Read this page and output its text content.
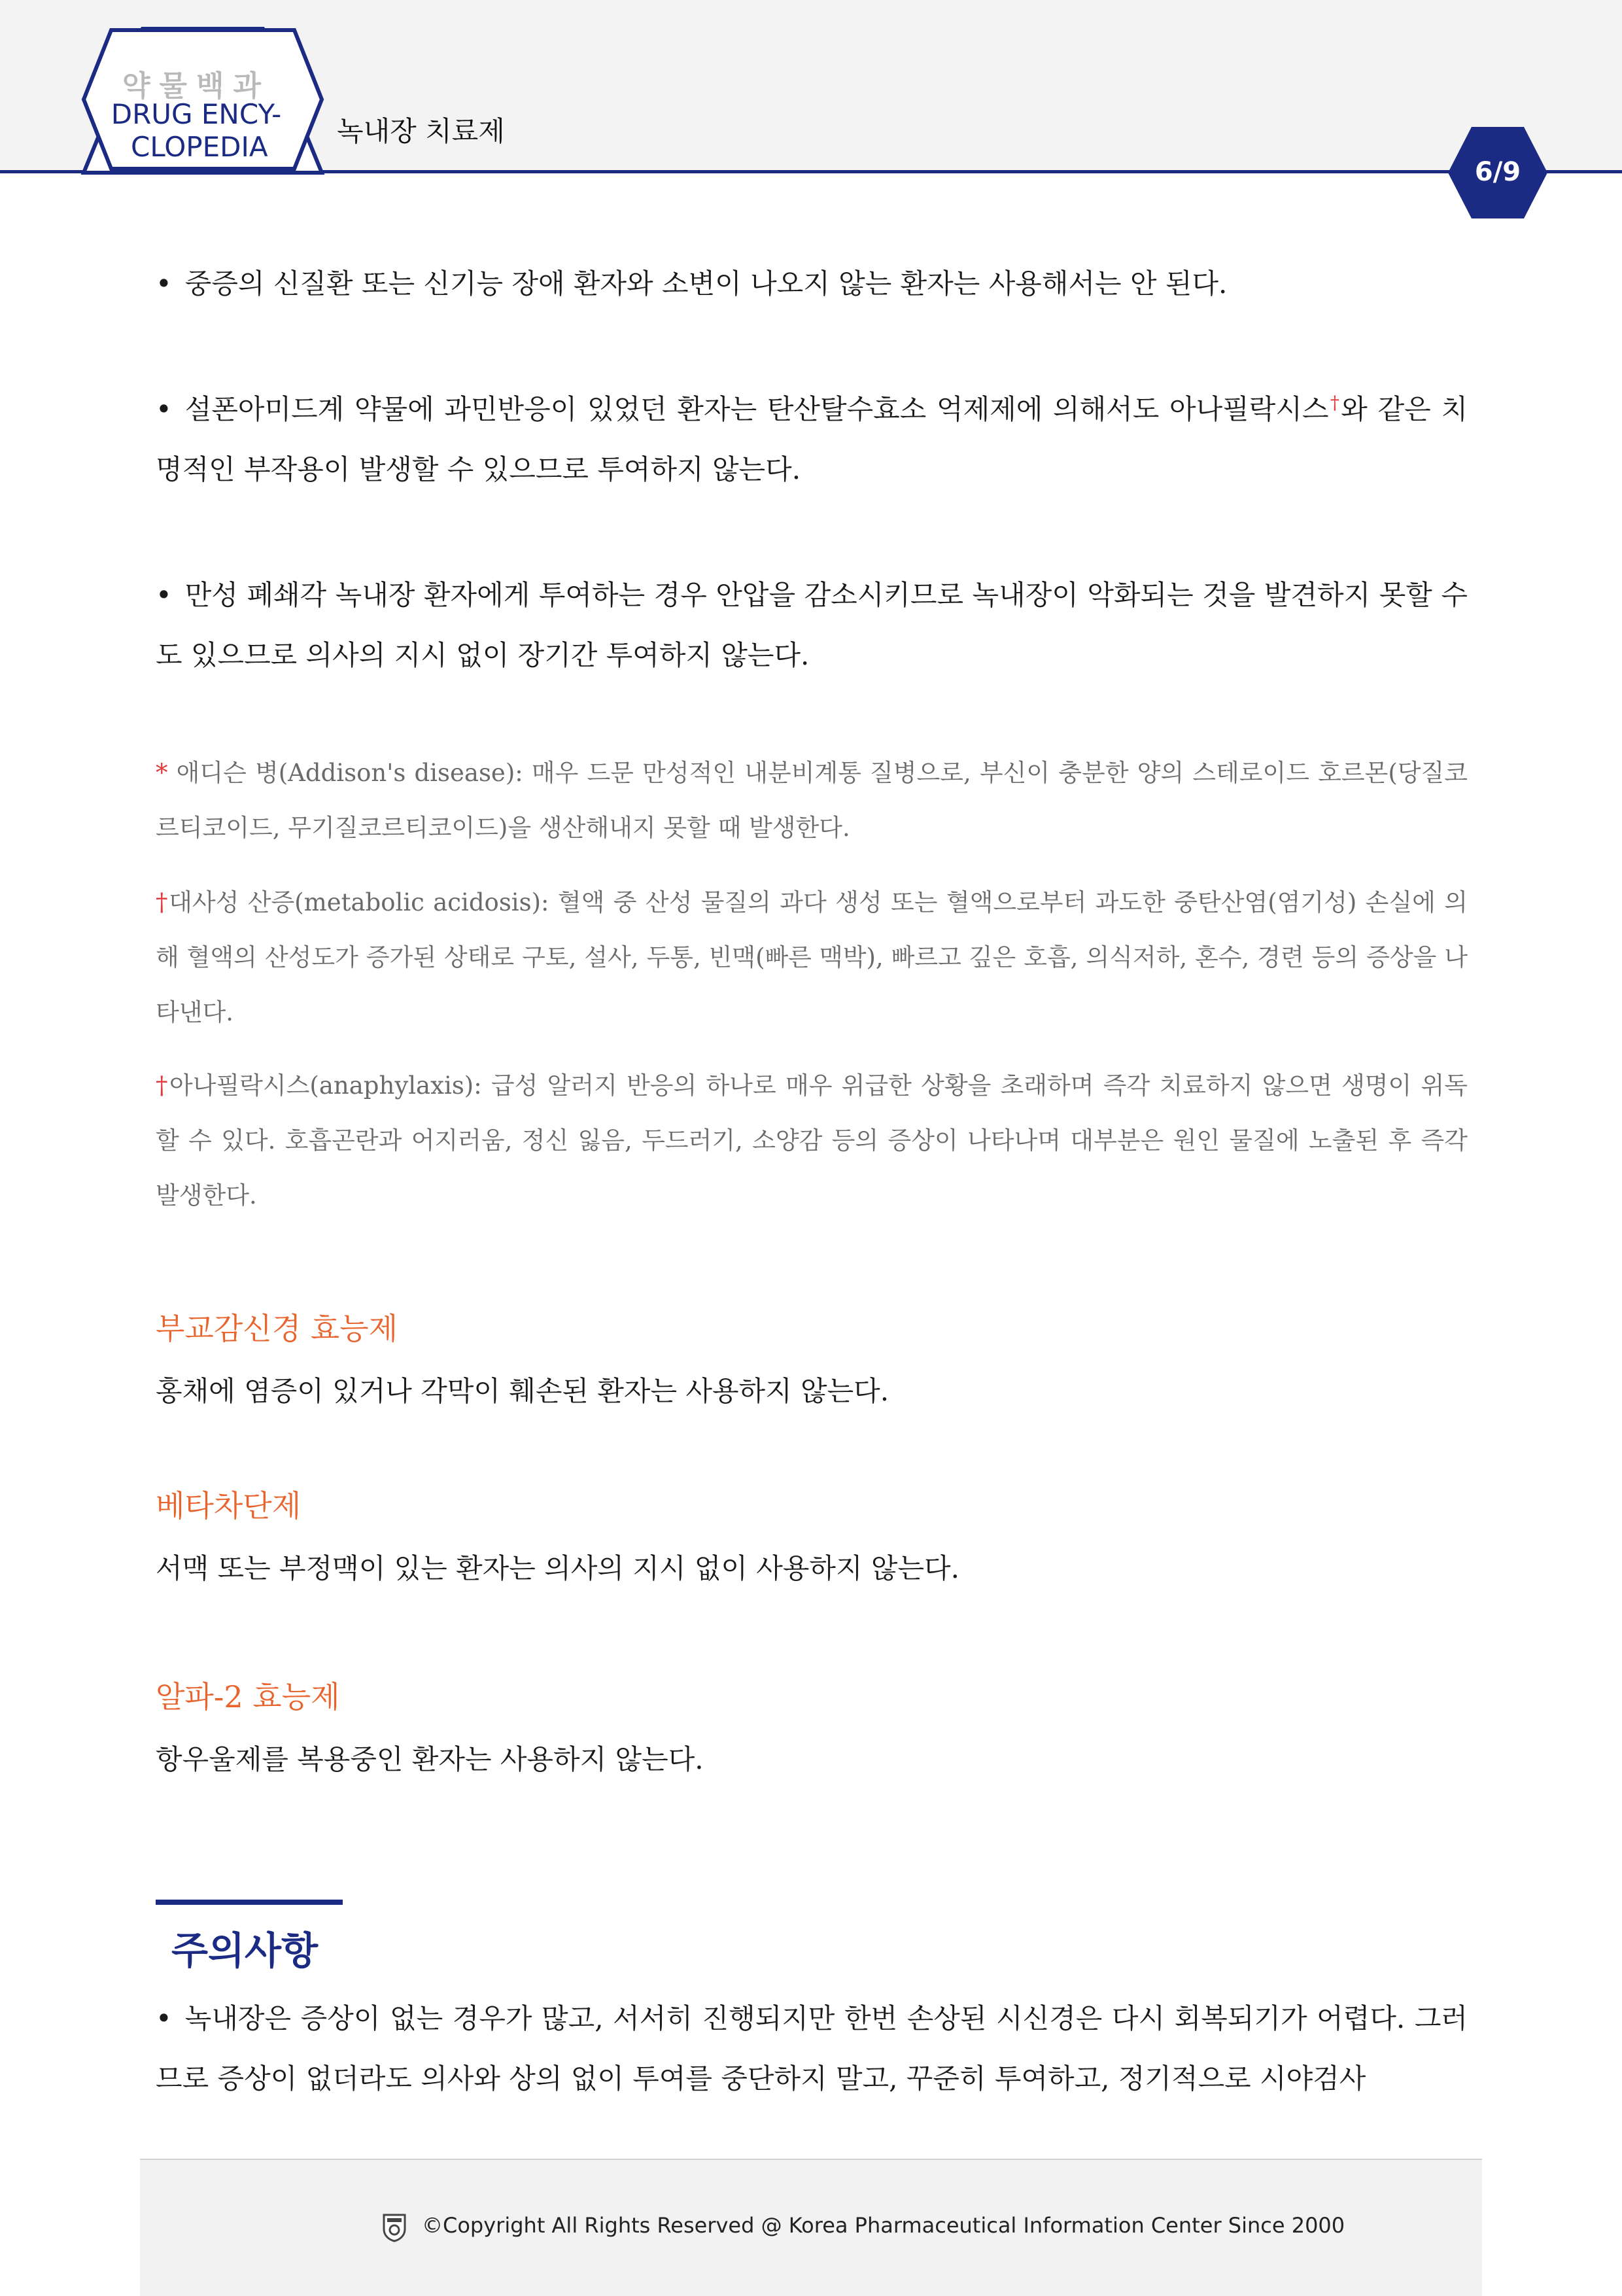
약물백과
DRUG ENCY-
CLOPEDIA	녹내장 치료제
6/9
• 중증의 신질환 또는 신기능 장애 환자와 소변이 나오지 않는 환자는 사용해서는 안 된다.
• 설폰아미드계 약물에 과민반응이 있었던 환자는 탄산탈수효소 억제제에 의해서도 아나필락시스†와 같은 치명적인 부작용이 발생할 수 있으므로 투여하지 않는다.
• 만성 폐쇄각 녹내장 환자에게 투여하는 경우 안압을 감소시키므로 녹내장이 악화되는 것을 발견하지 못할 수도 있으므로 의사의 지시 없이 장기간 투여하지 않는다.
* 애디슨 병(Addison's disease): 매우 드문 만성적인 내분비계통 질병으로, 부신이 충분한 양의 스테로이드 호르몬(당질코르티코이드, 무기질코르티코이드)을 생산해내지 못할 때 발생한다.
†대사성 산증(metabolic acidosis): 혈액 중 산성 물질의 과다 생성 또는 혈액으로부터 과도한 중탄산염(염기성) 손실에 의해 혈액의 산성도가 증가된 상태로 구토, 설사, 두통, 빈맥(빠른 맥박), 빠르고 깊은 호흡, 의식저하, 혼수, 경련 등의 증상을 나타낸다.
†아나필락시스(anaphylaxis): 급성 알러지 반응의 하나로 매우 위급한 상황을 초래하며 즉각 치료하지 않으면 생명이 위독할 수 있다. 호흡곤란과 어지러움, 정신 잃음, 두드러기, 소양감 등의 증상이 나타나며 대부분은 원인 물질에 노출된 후 즉각 발생한다.
부교감신경 효능제
홍채에 염증이 있거나 각막이 훼손된 환자는 사용하지 않는다.
베타차단제
서맥 또는 부정맥이 있는 환자는 의사의 지시 없이 사용하지 않는다.
알파-2 효능제
항우울제를 복용중인 환자는 사용하지 않는다.
주의사항
• 녹내장은 증상이 없는 경우가 많고, 서서히 진행되지만 한번 손상된 시신경은 다시 회복되기가 어렵다. 그러므로 증상이 없더라도 의사와 상의 없이 투여를 중단하지 말고, 꾸준히 투여하고, 정기적으로 시야검사
©Copyright All Rights Reserved @ Korea Pharmaceutical Information Center Since 2000
